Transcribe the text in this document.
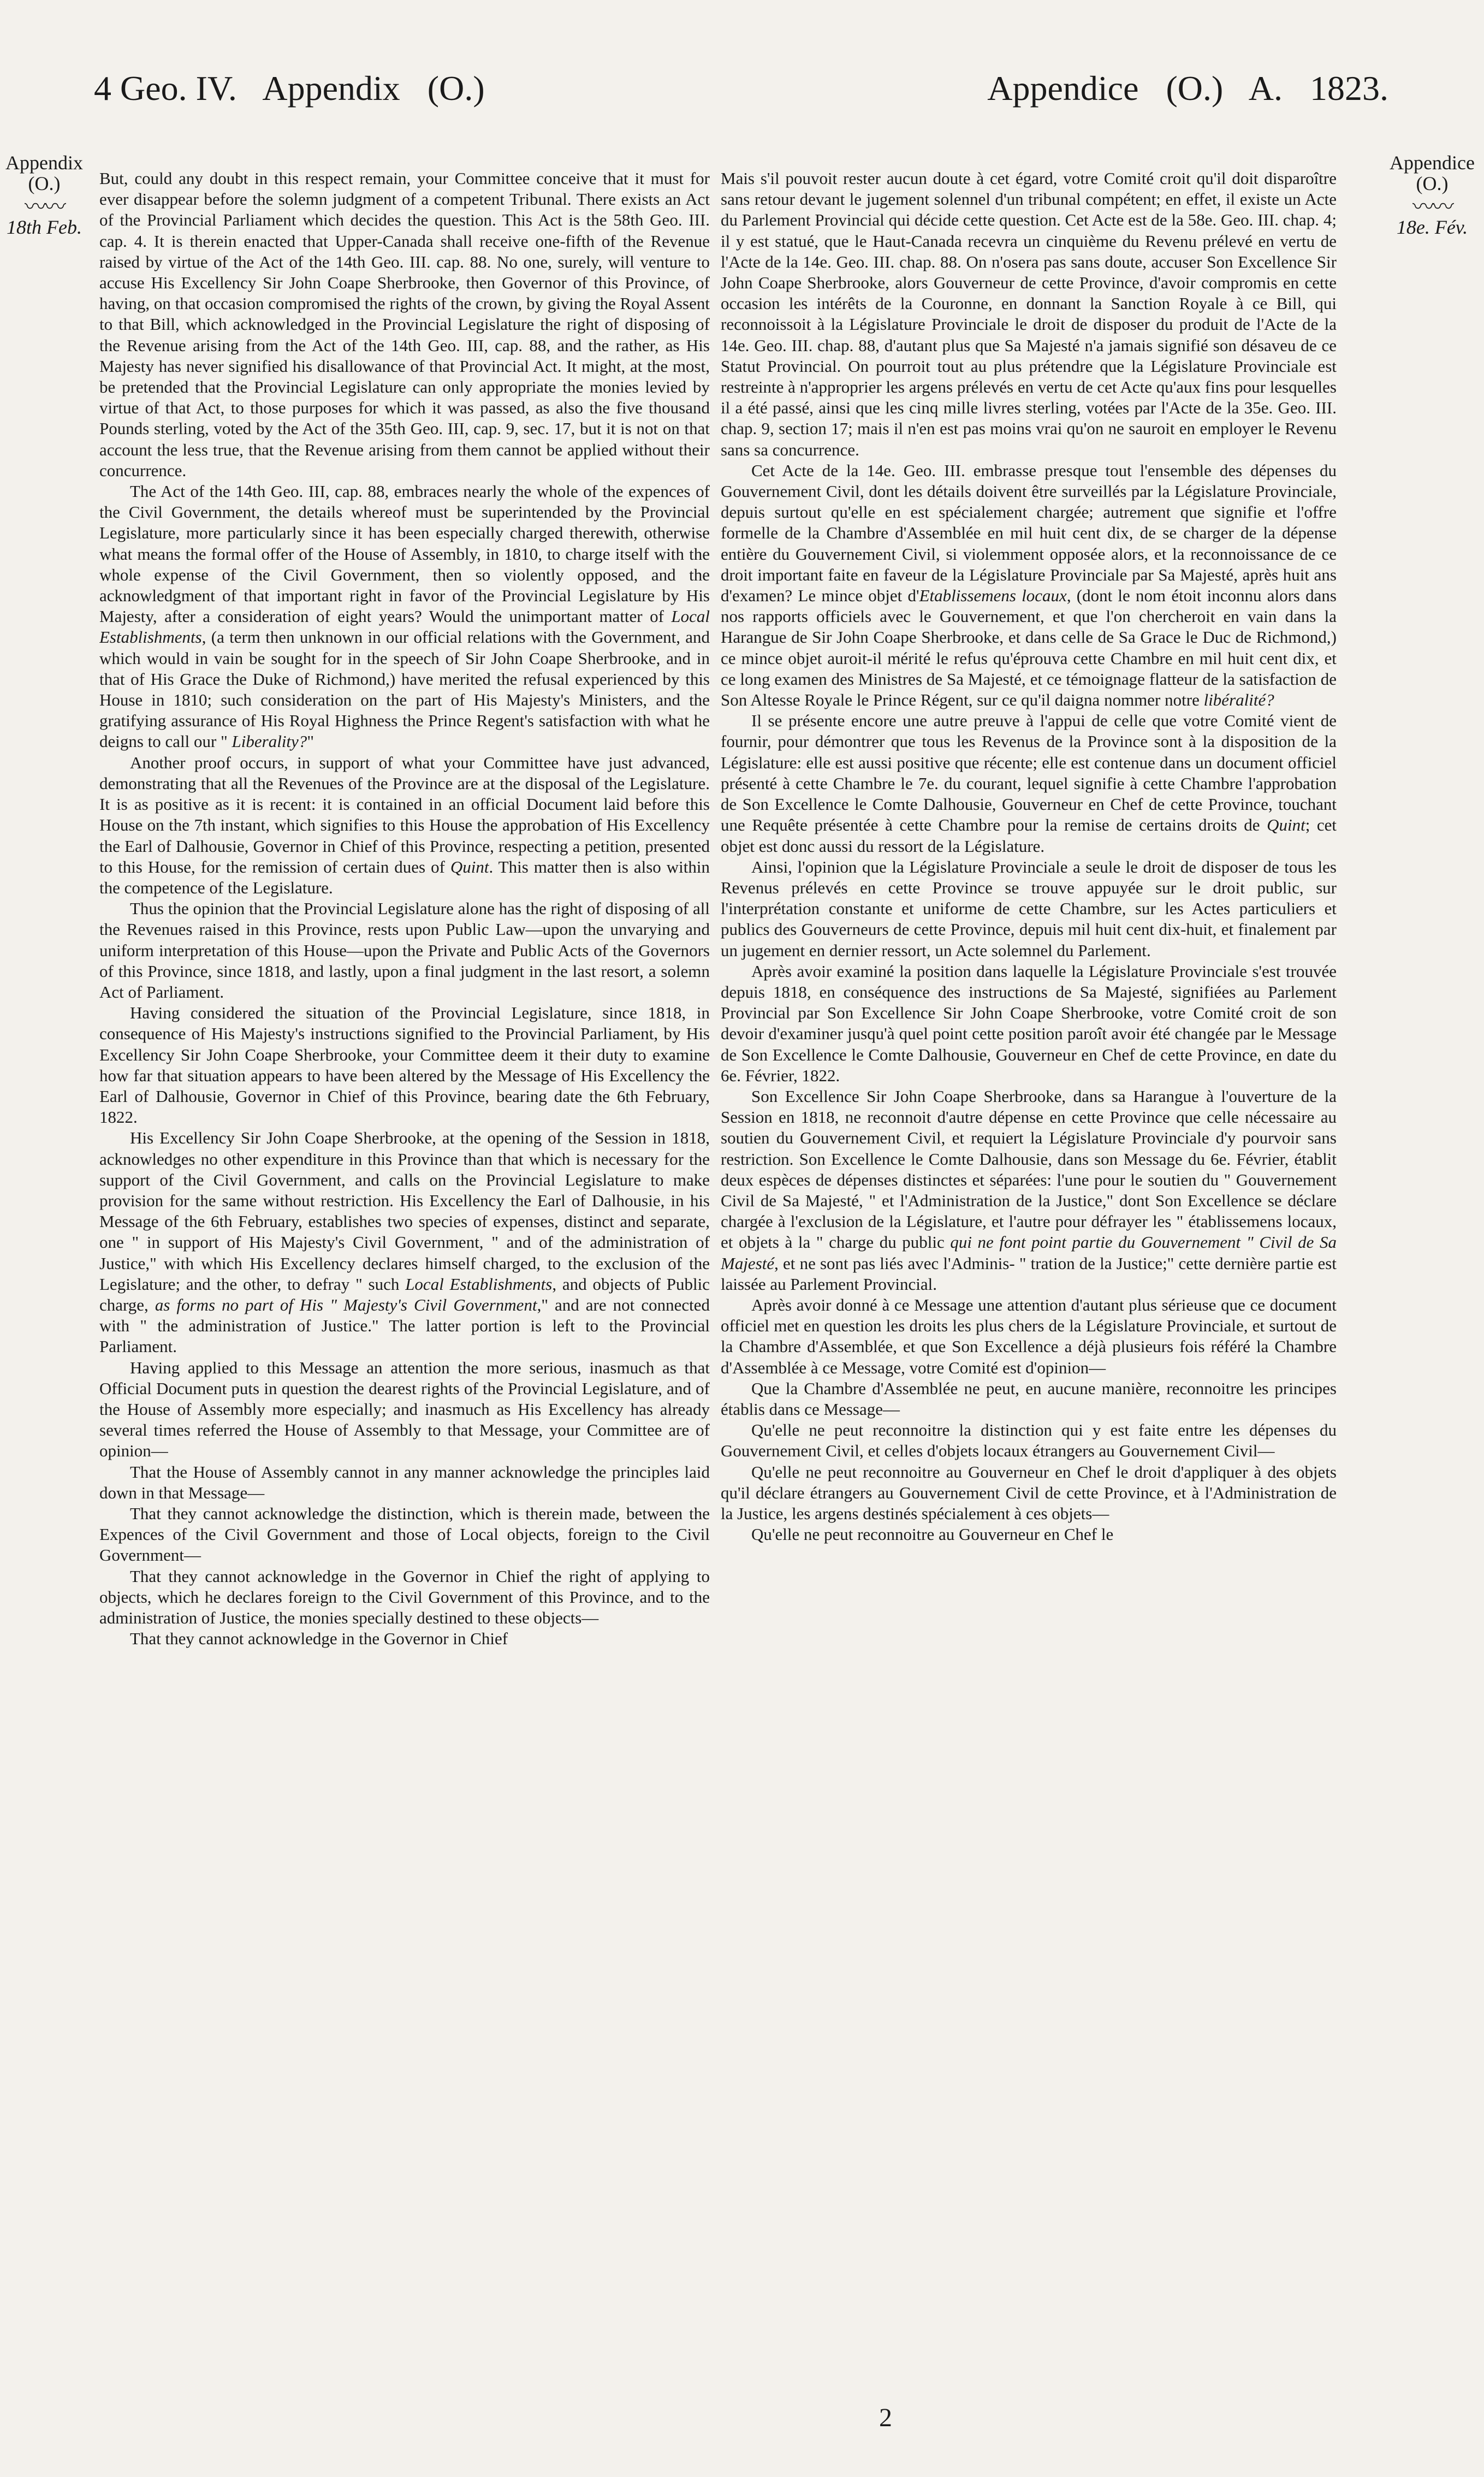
4 Geo. IV. Appendix (O.)	Appendice (O.) A. 1823.
Appendix
(O.)
〰〰
18th Feb.
Appendice
(O.)
〰〰
18e. Fév.

But, could any doubt in this respect remain, your Committee conceive that it must for ever disappear before the solemn judgment of a competent Tribunal. There exists an Act of the Provincial Parliament which decides the question. This Act is the 58th Geo. III. cap. 4. It is therein enacted that Upper-Canada shall receive one-fifth of the Revenue raised by virtue of the Act of the 14th Geo. III. cap. 88. No one, surely, will venture to accuse His Excellency Sir John Coape Sherbrooke, then Governor of this Province, of having, on that occasion compromised the rights of the crown, by giving the Royal Assent to that Bill, which acknowledged in the Provincial Legislature the right of disposing of the Revenue arising from the Act of the 14th Geo. III, cap. 88, and the rather, as His Majesty has never signified his disallowance of that Provincial Act. It might, at the most, be pretended that the Provincial Legislature can only appropriate the monies levied by virtue of that Act, to those purposes for which it was passed, as also the five thousand Pounds sterling, voted by the Act of the 35th Geo. III, cap. 9, sec. 17, but it is not on that account the less true, that the Revenue arising from them cannot be applied without their concurrence.

The Act of the 14th Geo. III, cap. 88, embraces nearly the whole of the expences of the Civil Government, the details whereof must be superintended by the Provincial Legislature, more particularly since it has been especially charged therewith, otherwise what means the formal offer of the House of Assembly, in 1810, to charge itself with the whole expense of the Civil Government, then so violently opposed, and the acknowledgment of that important right in favor of the Provincial Legislature by His Majesty, after a consideration of eight years? Would the unimportant matter of Local Establishments, (a term then unknown in our official relations with the Government, and which would in vain be sought for in the speech of Sir John Coape Sherbrooke, and in that of His Grace the Duke of Richmond,) have merited the refusal experienced by this House in 1810; such consideration on the part of His Majesty's Ministers, and the gratifying assurance of His Royal Highness the Prince Regent's satisfaction with what he deigns to call our " Liberality?"

Another proof occurs, in support of what your Committee have just advanced, demonstrating that all the Revenues of the Province are at the disposal of the Legislature. It is as positive as it is recent: it is contained in an official Document laid before this House on the 7th instant, which signifies to this House the approbation of His Excellency the Earl of Dalhousie, Governor in Chief of this Province, respecting a petition, presented to this House, for the remission of certain dues of Quint. This matter then is also within the competence of the Legislature.

Thus the opinion that the Provincial Legislature alone has the right of disposing of all the Revenues raised in this Province, rests upon Public Law—upon the unvarying and uniform interpretation of this House—upon the Private and Public Acts of the Governors of this Province, since 1818, and lastly, upon a final judgment in the last resort, a solemn Act of Parliament.

Having considered the situation of the Provincial Legislature, since 1818, in consequence of His Majesty's instructions signified to the Provincial Parliament, by His Excellency Sir John Coape Sherbrooke, your Committee deem it their duty to examine how far that situation appears to have been altered by the Message of His Excellency the Earl of Dalhousie, Governor in Chief of this Province, bearing date the 6th February, 1822.

His Excellency Sir John Coape Sherbrooke, at the opening of the Session in 1818, acknowledges no other expenditure in this Province than that which is necessary for the support of the Civil Government, and calls on the Provincial Legislature to make provision for the same without restriction. His Excellency the Earl of Dalhousie, in his Message of the 6th February, establishes two species of expenses, distinct and separate, one " in support of His Majesty's Civil Government, " and of the administration of Justice," with which His Excellency declares himself charged, to the exclusion of the Legislature; and the other, to defray " such Local Establishments, and objects of Public charge, as forms no part of His " Majesty's Civil Government," and are not connected with " the administration of Justice." The latter portion is left to the Provincial Parliament.

Having applied to this Message an attention the more serious, inasmuch as that Official Document puts in question the dearest rights of the Provincial Legislature, and of the House of Assembly more especially; and inasmuch as His Excellency has already several times referred the House of Assembly to that Message, your Committee are of opinion—

That the House of Assembly cannot in any manner acknowledge the principles laid down in that Message—

That they cannot acknowledge the distinction, which is therein made, between the Expences of the Civil Government and those of Local objects, foreign to the Civil Government—

That they cannot acknowledge in the Governor in Chief the right of applying to objects, which he declares foreign to the Civil Government of this Province, and to the administration of Justice, the monies specially destined to these objects—

That they cannot acknowledge in the Governor in Chief

Mais s'il pouvoit rester aucun doute à cet égard, votre Comité croit qu'il doit disparoître sans retour devant le jugement solennel d'un tribunal compétent; en effet, il existe un Acte du Parlement Provincial qui décide cette question. Cet Acte est de la 58e. Geo. III. chap. 4; il y est statué, que le Haut-Canada recevra un cinquième du Revenu prélevé en vertu de l'Acte de la 14e. Geo. III. chap. 88. On n'osera pas sans doute, accuser Son Excellence Sir John Coape Sherbrooke, alors Gouverneur de cette Province, d'avoir compromis en cette occasion les intérêts de la Couronne, en donnant la Sanction Royale à ce Bill, qui reconnoissoit à la Législature Provinciale le droit de disposer du produit de l'Acte de la 14e. Geo. III. chap. 88, d'autant plus que Sa Majesté n'a jamais signifié son désaveu de ce Statut Provincial. On pourroit tout au plus prétendre que la Législature Provinciale est restreinte à n'approprier les argens prélevés en vertu de cet Acte qu'aux fins pour lesquelles il a été passé, ainsi que les cinq mille livres sterling, votées par l'Acte de la 35e. Geo. III. chap. 9, section 17; mais il n'en est pas moins vrai qu'on ne sauroit en employer le Revenu sans sa concurrence.

Cet Acte de la 14e. Geo. III. embrasse presque tout l'ensemble des dépenses du Gouvernement Civil, dont les détails doivent être surveillés par la Législature Provinciale, depuis surtout qu'elle en est spécialement chargée; autrement que signifie et l'offre formelle de la Chambre d'Assemblée en mil huit cent dix, de se charger de la dépense entière du Gouvernement Civil, si violemment opposée alors, et la reconnoissance de ce droit important faite en faveur de la Législature Provinciale par Sa Majesté, après huit ans d'examen? Le mince objet d'Etablissemens locaux, (dont le nom étoit inconnu alors dans nos rapports officiels avec le Gouvernement, et que l'on chercheroit en vain dans la Harangue de Sir John Coape Sherbrooke, et dans celle de Sa Grace le Duc de Richmond,) ce mince objet auroit-il mérité le refus qu'éprouva cette Chambre en mil huit cent dix, et ce long examen des Ministres de Sa Majesté, et ce témoignage flatteur de la satisfaction de Son Altesse Royale le Prince Régent, sur ce qu'il daigna nommer notre libéralité?

Il se présente encore une autre preuve à l'appui de celle que votre Comité vient de fournir, pour démontrer que tous les Revenus de la Province sont à la disposition de la Législature: elle est aussi positive que récente; elle est contenue dans un document officiel présenté à cette Chambre le 7e. du courant, lequel signifie à cette Chambre l'approbation de Son Excellence le Comte Dalhousie, Gouverneur en Chef de cette Province, touchant une Requête présentée à cette Chambre pour la remise de certains droits de Quint; cet objet est donc aussi du ressort de la Législature.

Ainsi, l'opinion que la Législature Provinciale a seule le droit de disposer de tous les Revenus prélevés en cette Province se trouve appuyée sur le droit public, sur l'interprétation constante et uniforme de cette Chambre, sur les Actes particuliers et publics des Gouverneurs de cette Province, depuis mil huit cent dix-huit, et finalement par un jugement en dernier ressort, un Acte solemnel du Parlement.

Après avoir examiné la position dans laquelle la Législature Provinciale s'est trouvée depuis 1818, en conséquence des instructions de Sa Majesté, signifiées au Parlement Provincial par Son Excellence Sir John Coape Sherbrooke, votre Comité croit de son devoir d'examiner jusqu'à quel point cette position paroît avoir été changée par le Message de Son Excellence le Comte Dalhousie, Gouverneur en Chef de cette Province, en date du 6e. Février, 1822.

Son Excellence Sir John Coape Sherbrooke, dans sa Harangue à l'ouverture de la Session en 1818, ne reconnoit d'autre dépense en cette Province que celle nécessaire au soutien du Gouvernement Civil, et requiert la Législature Provinciale d'y pourvoir sans restriction. Son Excellence le Comte Dalhousie, dans son Message du 6e. Février, établit deux espèces de dépenses distinctes et séparées: l'une pour le soutien du " Gouvernement Civil de Sa Majesté, " et l'Administration de la Justice," dont Son Excellence se déclare chargée à l'exclusion de la Législature, et l'autre pour défrayer les " établissemens locaux, et objets à la " charge du public qui ne font point partie du Gouvernement " Civil de Sa Majesté, et ne sont pas liés avec l'Adminis- " tration de la Justice;" cette dernière partie est laissée au Parlement Provincial.

Après avoir donné à ce Message une attention d'autant plus sérieuse que ce document officiel met en question les droits les plus chers de la Législature Provinciale, et surtout de la Chambre d'Assemblée, et que Son Excellence a déjà plusieurs fois référé la Chambre d'Assemblée à ce Message, votre Comité est d'opinion—

Que la Chambre d'Assemblée ne peut, en aucune manière, reconnoitre les principes établis dans ce Message—

Qu'elle ne peut reconnoitre la distinction qui y est faite entre les dépenses du Gouvernement Civil, et celles d'objets locaux étrangers au Gouvernement Civil—

Qu'elle ne peut reconnoitre au Gouverneur en Chef le droit d'appliquer à des objets qu'il déclare étrangers au Gouvernement Civil de cette Province, et à l'Administration de la Justice, les argens destinés spécialement à ces objets—

Qu'elle ne peut reconnoitre au Gouverneur en Chef le

2
